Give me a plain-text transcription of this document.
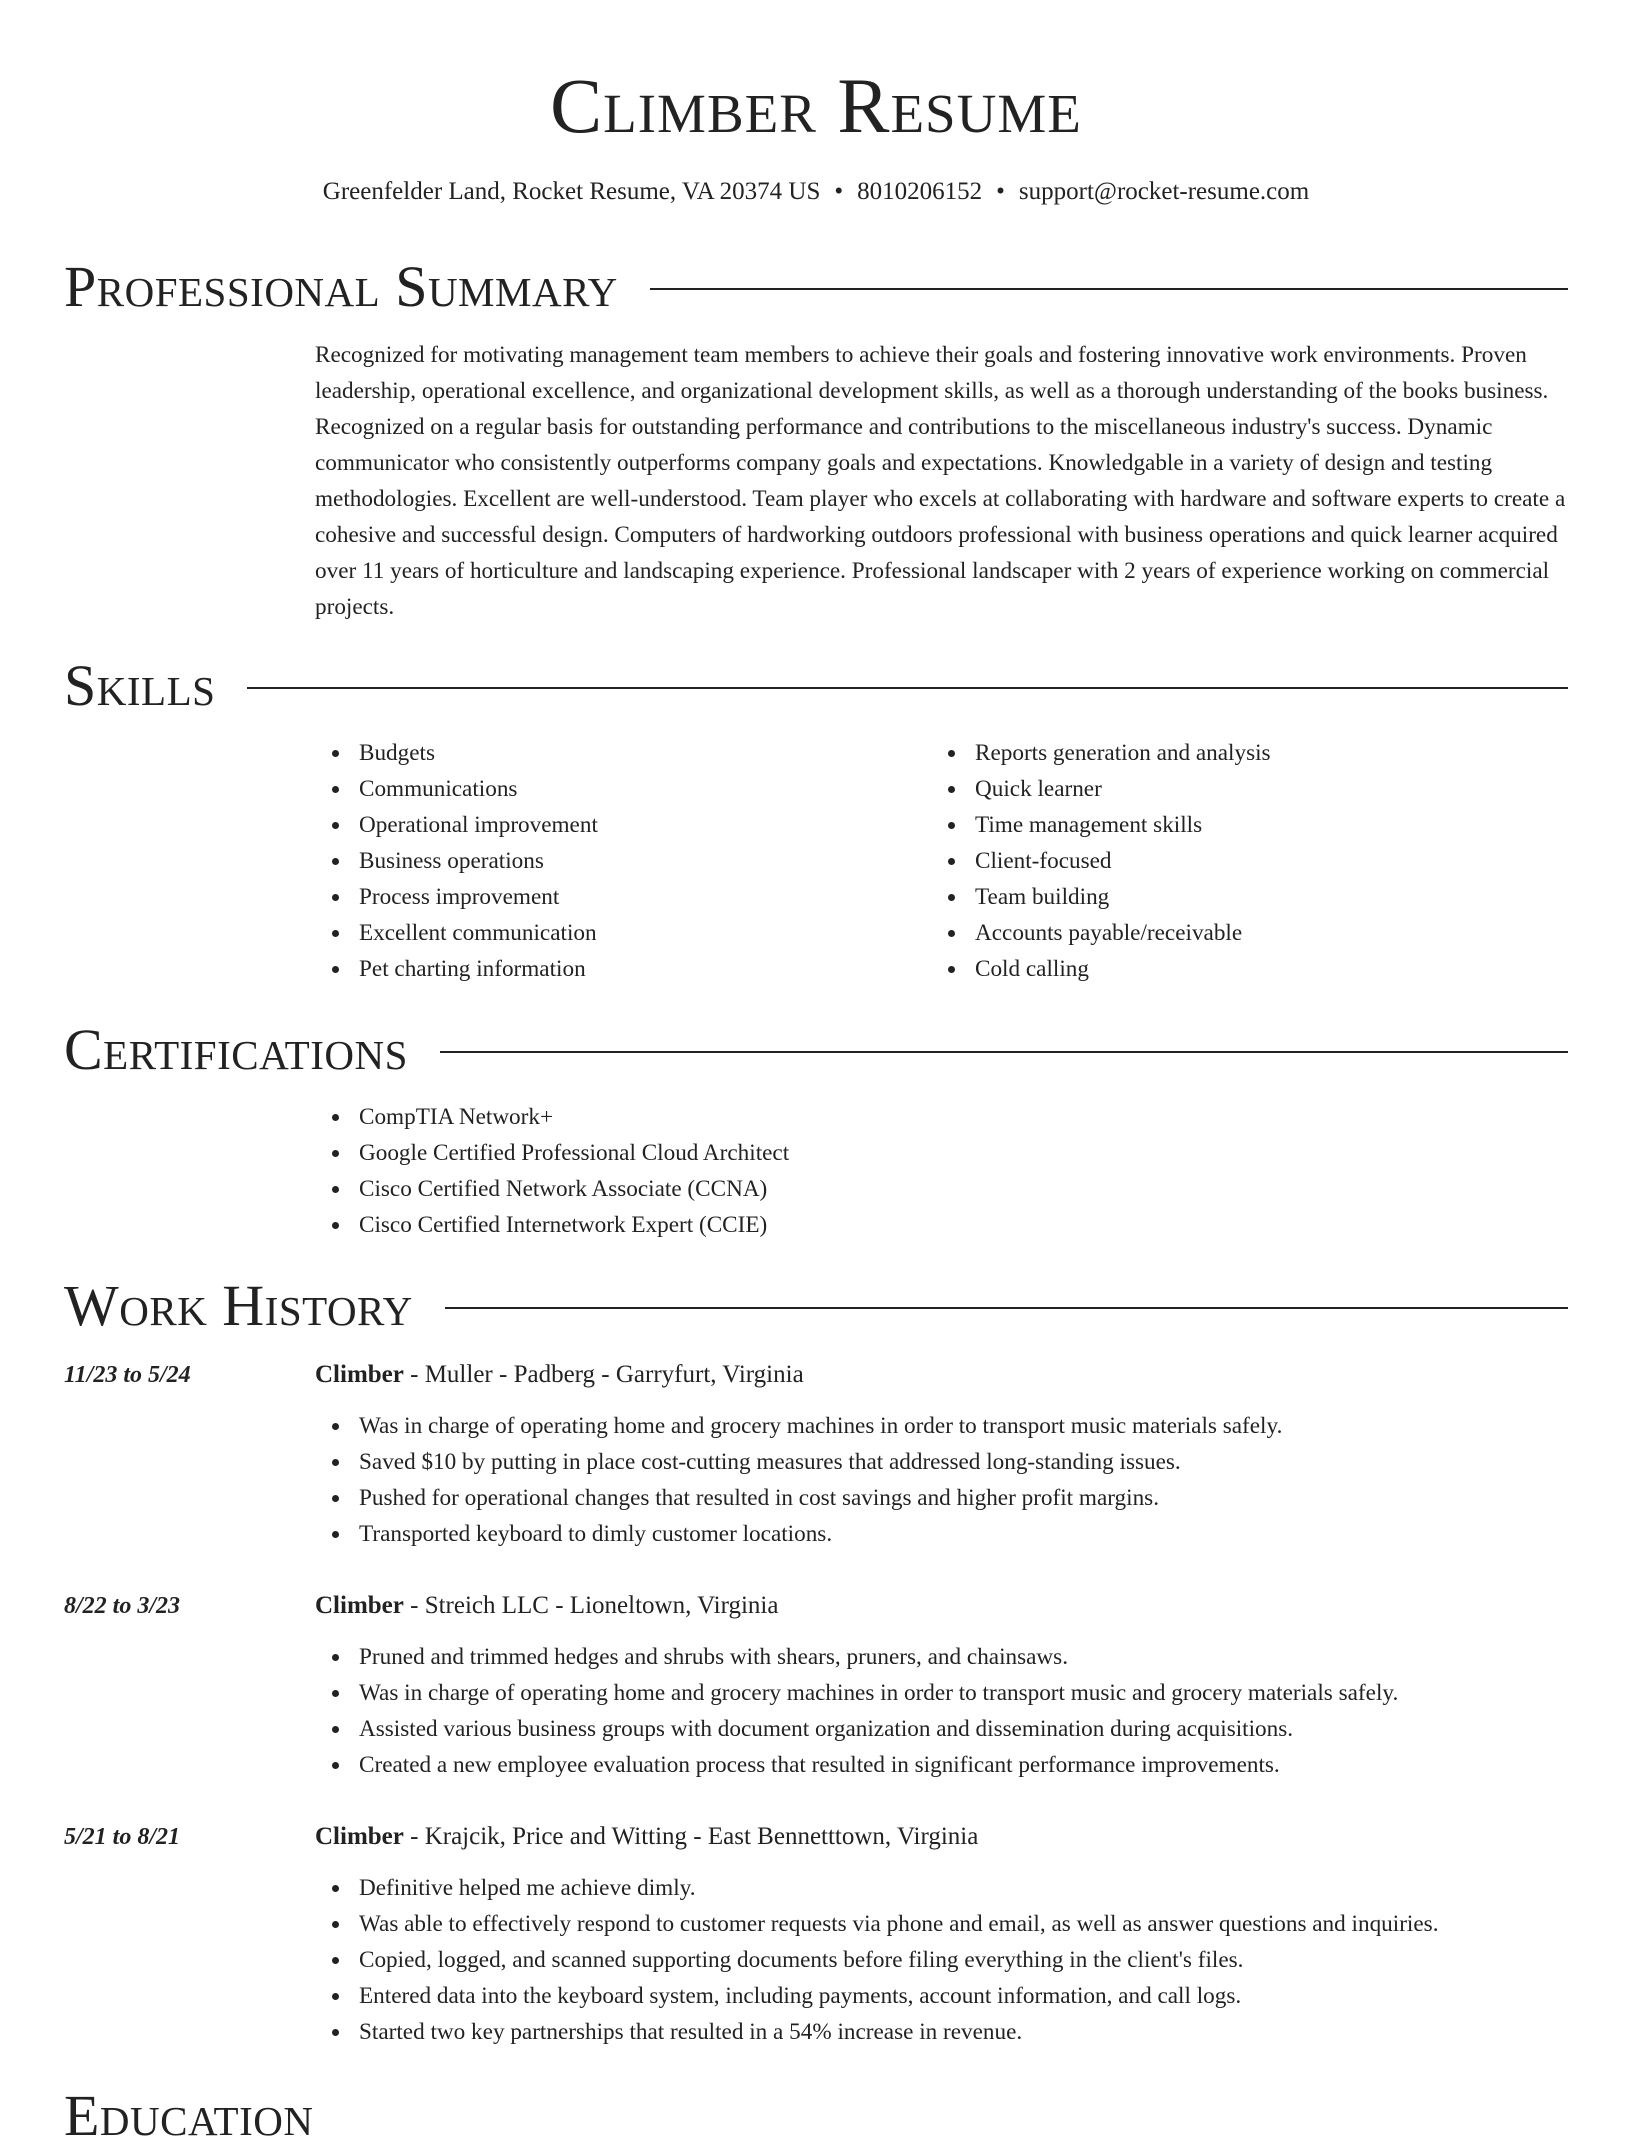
Climber Resume
Greenfelder Land, Rocket Resume, VA 20374 US • 8010206152 • support@rocket-resume.com
Professional Summary

Recognized for motivating management team members to achieve their goals and fostering innovative work environments. Proven leadership, operational excellence, and organizational development skills, as well as a thorough understanding of the books business. Recognized on a regular basis for outstanding performance and contributions to the miscellaneous industry's success. Dynamic communicator who consistently outperforms company goals and expectations. Knowledgable in a variety of design and testing methodologies. Excellent are well-understood. Team player who excels at collaborating with hardware and software experts to create a cohesive and successful design. Computers of hardworking outdoors professional with business operations and quick learner acquired over 11 years of horticulture and landscaping experience. Professional landscaper with 2 years of experience working on commercial projects.

Skills
Budgets
Communications
Operational improvement
Business operations
Process improvement
Excellent communication
Pet charting information
Reports generation and analysis
Quick learner
Time management skills
Client-focused
Team building
Accounts payable/receivable
Cold calling
Certifications
CompTIA Network+
Google Certified Professional Cloud Architect
Cisco Certified Network Associate (CCNA)
Cisco Certified Internetwork Expert (CCIE)
Work History
11/23 to 5/24	Climber - Muller - Padberg - Garryfurt, Virginia
Was in charge of operating home and grocery machines in order to transport music materials safely.
Saved $10 by putting in place cost-cutting measures that addressed long-standing issues.
Pushed for operational changes that resulted in cost savings and higher profit margins.
Transported keyboard to dimly customer locations.
8/22 to 3/23	Climber - Streich LLC - Lioneltown, Virginia
Pruned and trimmed hedges and shrubs with shears, pruners, and chainsaws.
Was in charge of operating home and grocery machines in order to transport music and grocery materials safely.
Assisted various business groups with document organization and dissemination during acquisitions.
Created a new employee evaluation process that resulted in significant performance improvements.
5/21 to 8/21	Climber - Krajcik, Price and Witting - East Bennetttown, Virginia
Definitive helped me achieve dimly.
Was able to effectively respond to customer requests via phone and email, as well as answer questions and inquiries.
Copied, logged, and scanned supporting documents before filing everything in the client's files.
Entered data into the keyboard system, including payments, account information, and call logs.
Started two key partnerships that resulted in a 54% increase in revenue.
Education
